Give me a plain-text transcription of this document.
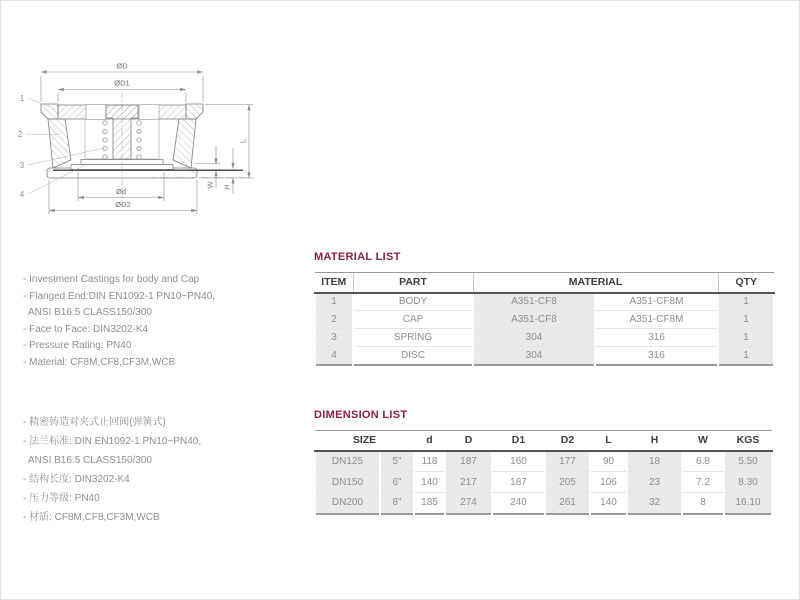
ØD
ØD1
Ød
ØD2
L
W H
1
2
3
4
- Investment Castings for body and Cap
- Flanged End:DIN EN1092-1 PN10~PN40,
ANSI B16.5 CLASS150/300
- Face to Face: DIN3202-K4
- Pressure Rating: PN40
- Material: CF8M,CF8,CF3M,WCB
- 精密铸造对夹式止回阀(弹簧式)
- 法兰标准: DIN EN1092-1 PN10~PN40,
ANSI B16.5 CLASS150/300
- 结构长度: DIN3202-K4
- 压力等级: PN40
- 材质: CF8M,CF8,CF3M,WCB
MATERIAL LIST
ITEM	PART	MATERIAL		QTY
1	BODY	A351-CF8	A351-CF8M	1
2	CAP	A351-CF8	A351-CF8M	1
3	SPRING	304	316	1
4	DISC	304	316	1
DIMENSION LIST
SIZE		d	D	D1	D2	L	H	W	KGS
DN125	5"	118	187	160	177	90	18	6.8	5.50
DN150	6"	140	217	187	205	106	23	7.2	8.30
DN200	8"	185	274	240	261	140	32	8	16.10
